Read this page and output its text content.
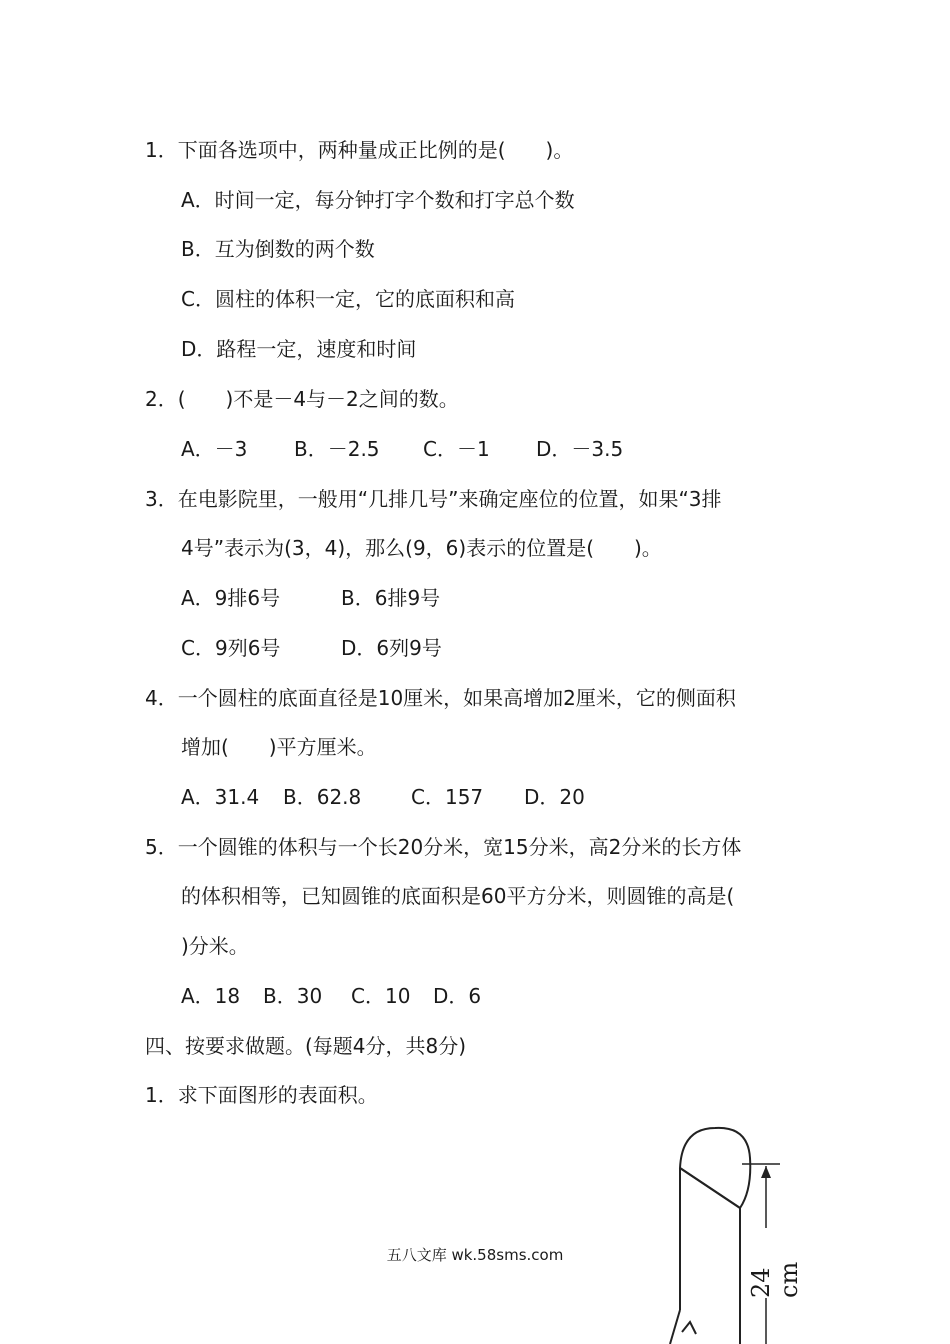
1．下面各选项中，两种量成正比例的是(　　)。
A．时间一定，每分钟打字个数和打字总个数
B．互为倒数的两个数
C．圆柱的体积一定，它的底面积和高
D．路程一定，速度和时间
2．(　　)不是－4与－2之间的数。
A．－3 B．－2.5 C．－1 D．－3.5
3．在电影院里，一般用“几排几号”来确定座位的位置，如果“3排
4号”表示为(3，4)，那么(9，6)表示的位置是(　　)。
A．9排6号	B．6排9号
C．9列6号	D．6列9号
4．一个圆柱的底面直径是10厘米，如果高增加2厘米，它的侧面积
增加(　　)平方厘米。
A．31.4 B．62.8 C．157 D．20
5．一个圆锥的体积与一个长20分米，宽15分米，高2分米的长方体
的体积相等，已知圆锥的底面积是60平方分米，则圆锥的高是(
)分米。
A．18 B．30 C．10 D．6
四、按要求做题。(每题4分，共8分)
1．求下面图形的表面积。
24 cm
五八文库 wk.58sms.com
